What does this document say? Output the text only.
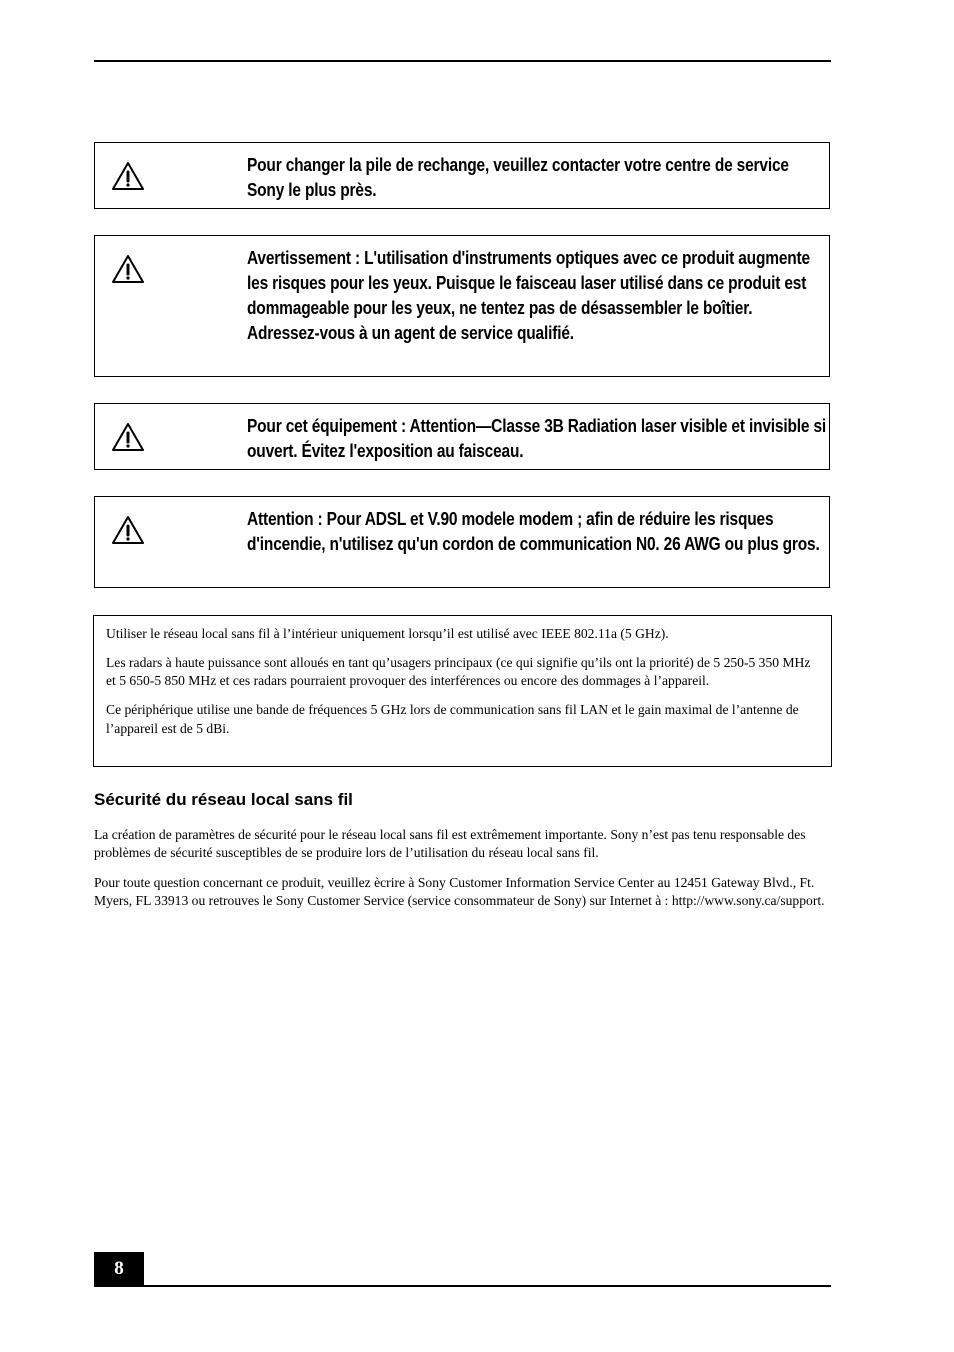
Pour changer la pile de rechange, veuillez contacter votre centre de service Sony le plus près.
Avertissement : L'utilisation d'instruments optiques avec ce produit augmente les risques pour les yeux. Puisque le faisceau laser utilisé dans ce produit est dommageable pour les yeux, ne tentez pas de désassembler le boîtier. Adressez-vous à un agent de service qualifié.
Pour cet équipement : Attention—Classe 3B Radiation laser visible et invisible si ouvert. Évitez l'exposition au faisceau.
Attention : Pour ADSL et V.90 modele modem ; afin de réduire les risques d'incendie, n'utilisez qu'un cordon de communication N0. 26 AWG ou plus gros.

Utiliser le réseau local sans fil à l’intérieur uniquement lorsqu’il est utilisé avec IEEE 802.11a (5 GHz).

Les radars à haute puissance sont alloués en tant qu’usagers principaux (ce qui signifie qu’ils ont la priorité) de 5 250-5 350 MHz et 5 650-5 850 MHz et ces radars pourraient provoquer des interférences ou encore des dommages à l’appareil.

Ce périphérique utilise une bande de fréquences 5 GHz lors de communication sans fil LAN et le gain maximal de l’antenne de l’appareil est de 5 dBi.

Sécurité du réseau local sans fil

La création de paramètres de sécurité pour le réseau local sans fil est extrêmement importante. Sony n’est pas tenu responsable des problèmes de sécurité susceptibles de se produire lors de l’utilisation du réseau local sans fil.

Pour toute question concernant ce produit, veuillez ècrire à Sony Customer Information Service Center au 12451 Gateway Blvd., Ft. Myers, FL 33913 ou retrouves le Sony Customer Service (service consommateur de Sony) sur Internet à : http://www.sony.ca/support.

8
